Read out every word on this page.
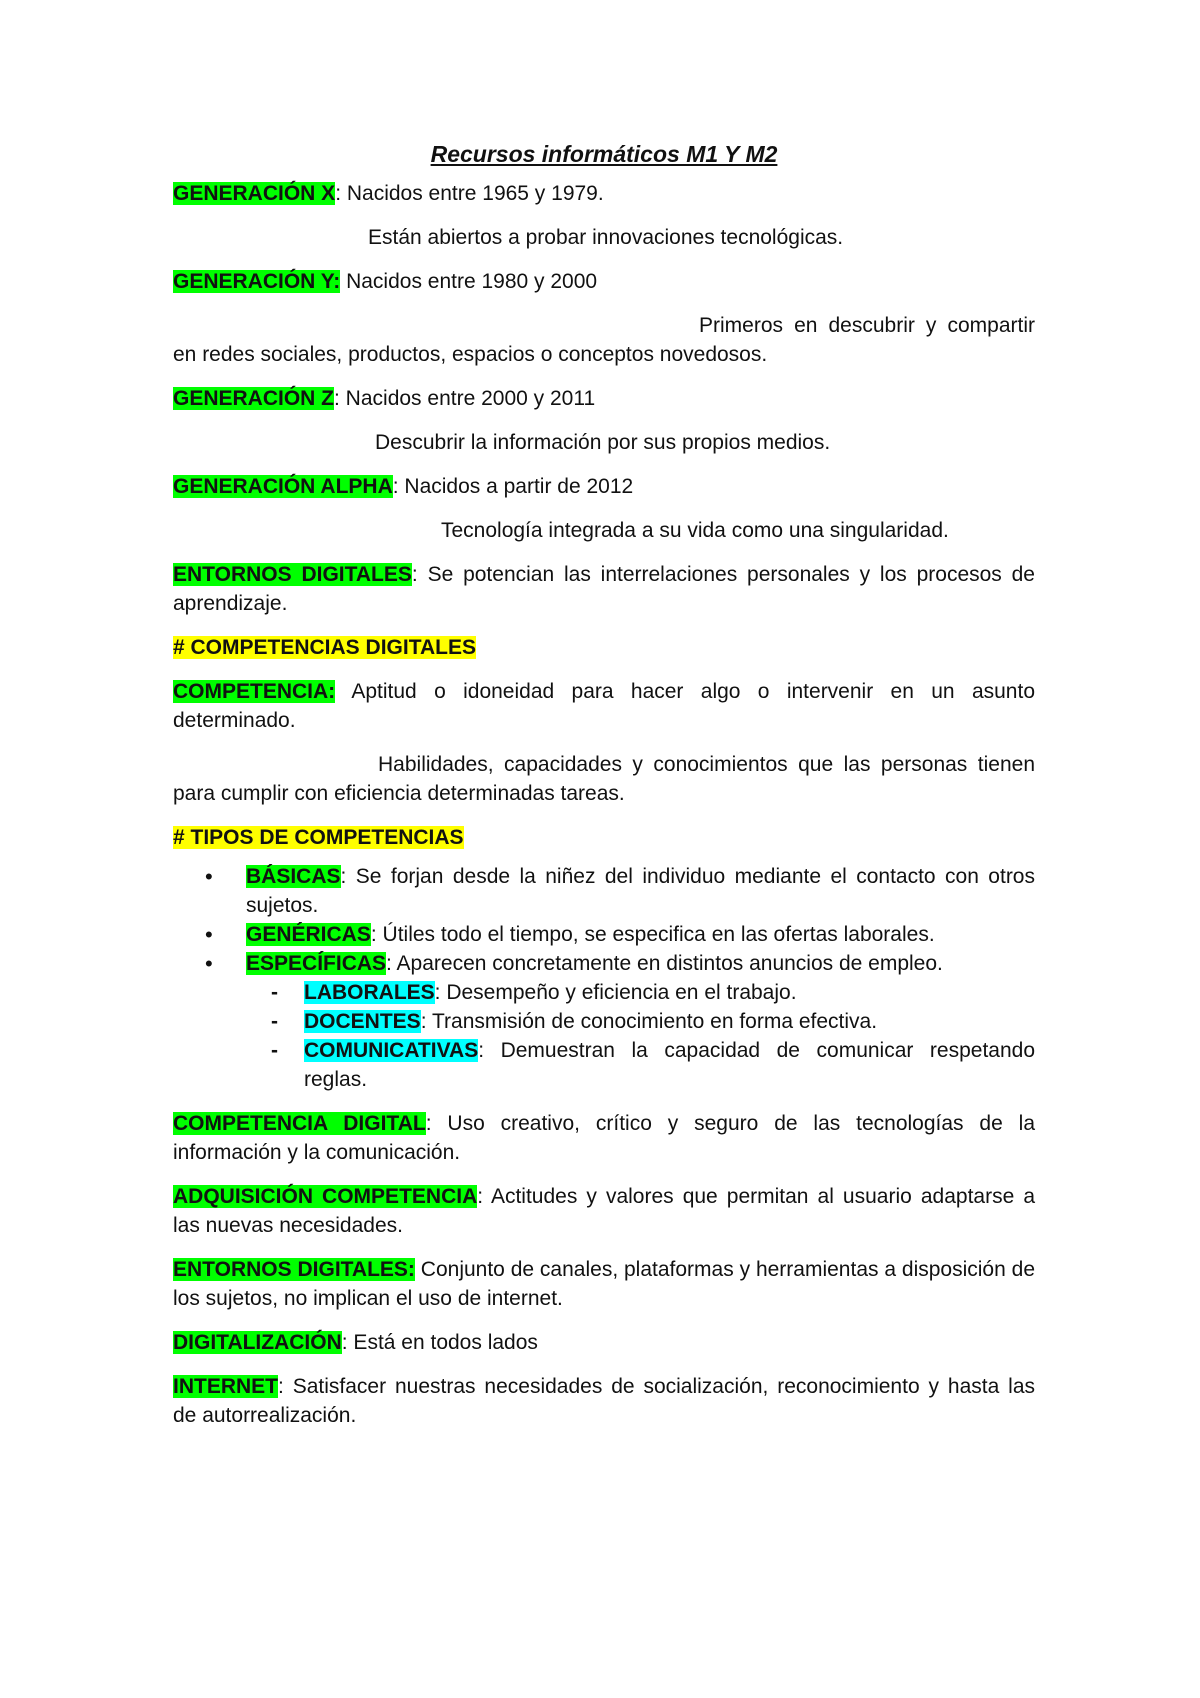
Recursos informáticos M1 Y M2

GENERACIÓN X: Nacidos entre 1965 y 1979.

Están abiertos a probar innovaciones tecnológicas.

GENERACIÓN Y: Nacidos entre 1980 y 2000

Primeros en descubrir y compartir en redes sociales, productos, espacios o conceptos novedosos.

GENERACIÓN Z: Nacidos entre 2000 y 2011

Descubrir la información por sus propios medios.

GENERACIÓN ALPHA: Nacidos a partir de 2012

Tecnología integrada a su vida como una singularidad.

ENTORNOS DIGITALES: Se potencian las interrelaciones personales y los procesos de aprendizaje.

# COMPETENCIAS DIGITALES

COMPETENCIA: Aptitud o idoneidad para hacer algo o intervenir en un asunto determinado.

Habilidades, capacidades y conocimientos que las personas tienen para cumplir con eficiencia determinadas tareas.

# TIPOS DE COMPETENCIAS

• BÁSICAS: Se forjan desde la niñez del individuo mediante el contacto con otros sujetos.
• GENÉRICAS: Útiles todo el tiempo, se especifica en las ofertas laborales.
• ESPECÍFICAS: Aparecen concretamente en distintos anuncios de empleo.
- LABORALES: Desempeño y eficiencia en el trabajo.
- DOCENTES: Transmisión de conocimiento en forma efectiva.
- COMUNICATIVAS: Demuestran la capacidad de comunicar respetando reglas.

COMPETENCIA DIGITAL: Uso creativo, crítico y seguro de las tecnologías de la información y la comunicación.

ADQUISICIÓN COMPETENCIA: Actitudes y valores que permitan al usuario adaptarse a las nuevas necesidades.

ENTORNOS DIGITALES: Conjunto de canales, plataformas y herramientas a disposición de los sujetos, no implican el uso de internet.

DIGITALIZACIÓN: Está en todos lados

INTERNET: Satisfacer nuestras necesidades de socialización, reconocimiento y hasta las de autorrealización.
